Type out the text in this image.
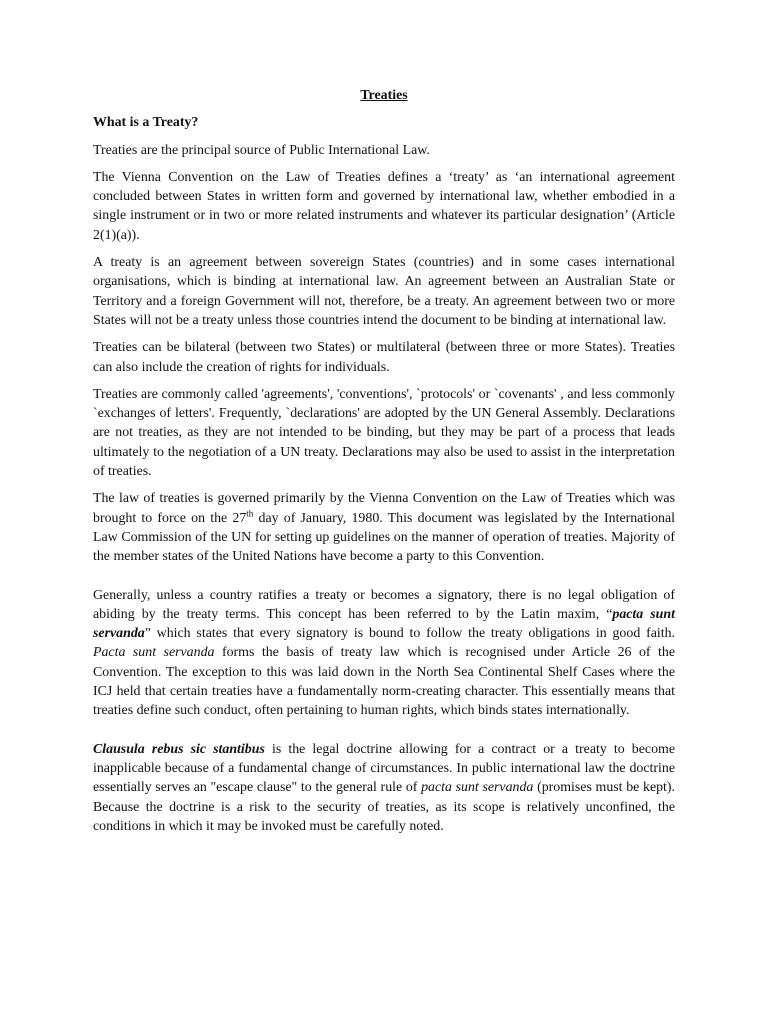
Treaties

What is a Treaty?

Treaties are the principal source of Public International Law.

The Vienna Convention on the Law of Treaties defines a ‘treaty’ as ‘an international agreement concluded between States in written form and governed by international law, whether embodied in a single instrument or in two or more related instruments and whatever its particular designation’ (Article 2(1)(a)).

A treaty is an agreement between sovereign States (countries) and in some cases international organisations, which is binding at international law. An agreement between an Australian State or Territory and a foreign Government will not, therefore, be a treaty. An agreement between two or more States will not be a treaty unless those countries intend the document to be binding at international law.

Treaties can be bilateral (between two States) or multilateral (between three or more States). Treaties can also include the creation of rights for individuals.

Treaties are commonly called 'agreements', 'conventions', `protocols' or `covenants' , and less commonly `exchanges of letters'. Frequently, `declarations' are adopted by the UN General Assembly. Declarations are not treaties, as they are not intended to be binding, but they may be part of a process that leads ultimately to the negotiation of a UN treaty. Declarations may also be used to assist in the interpretation of treaties.

The law of treaties is governed primarily by the Vienna Convention on the Law of Treaties which was brought to force on the 27th day of January, 1980. This document was legislated by the International Law Commission of the UN for setting up guidelines on the manner of operation of treaties. Majority of the member states of the United Nations have become a party to this Convention.

Generally, unless a country ratifies a treaty or becomes a signatory, there is no legal obligation of abiding by the treaty terms. This concept has been referred to by the Latin maxim, “pacta sunt servanda” which states that every signatory is bound to follow the treaty obligations in good faith. Pacta sunt servanda forms the basis of treaty law which is recognised under Article 26 of the Convention. The exception to this was laid down in the North Sea Continental Shelf Cases where the ICJ held that certain treaties have a fundamentally norm-creating character. This essentially means that treaties define such conduct, often pertaining to human rights, which binds states internationally.

Clausula rebus sic stantibus is the legal doctrine allowing for a contract or a treaty to become inapplicable because of a fundamental change of circumstances. In public international law the doctrine essentially serves an "escape clause" to the general rule of pacta sunt servanda (promises must be kept). Because the doctrine is a risk to the security of treaties, as its scope is relatively unconfined, the conditions in which it may be invoked must be carefully noted.
